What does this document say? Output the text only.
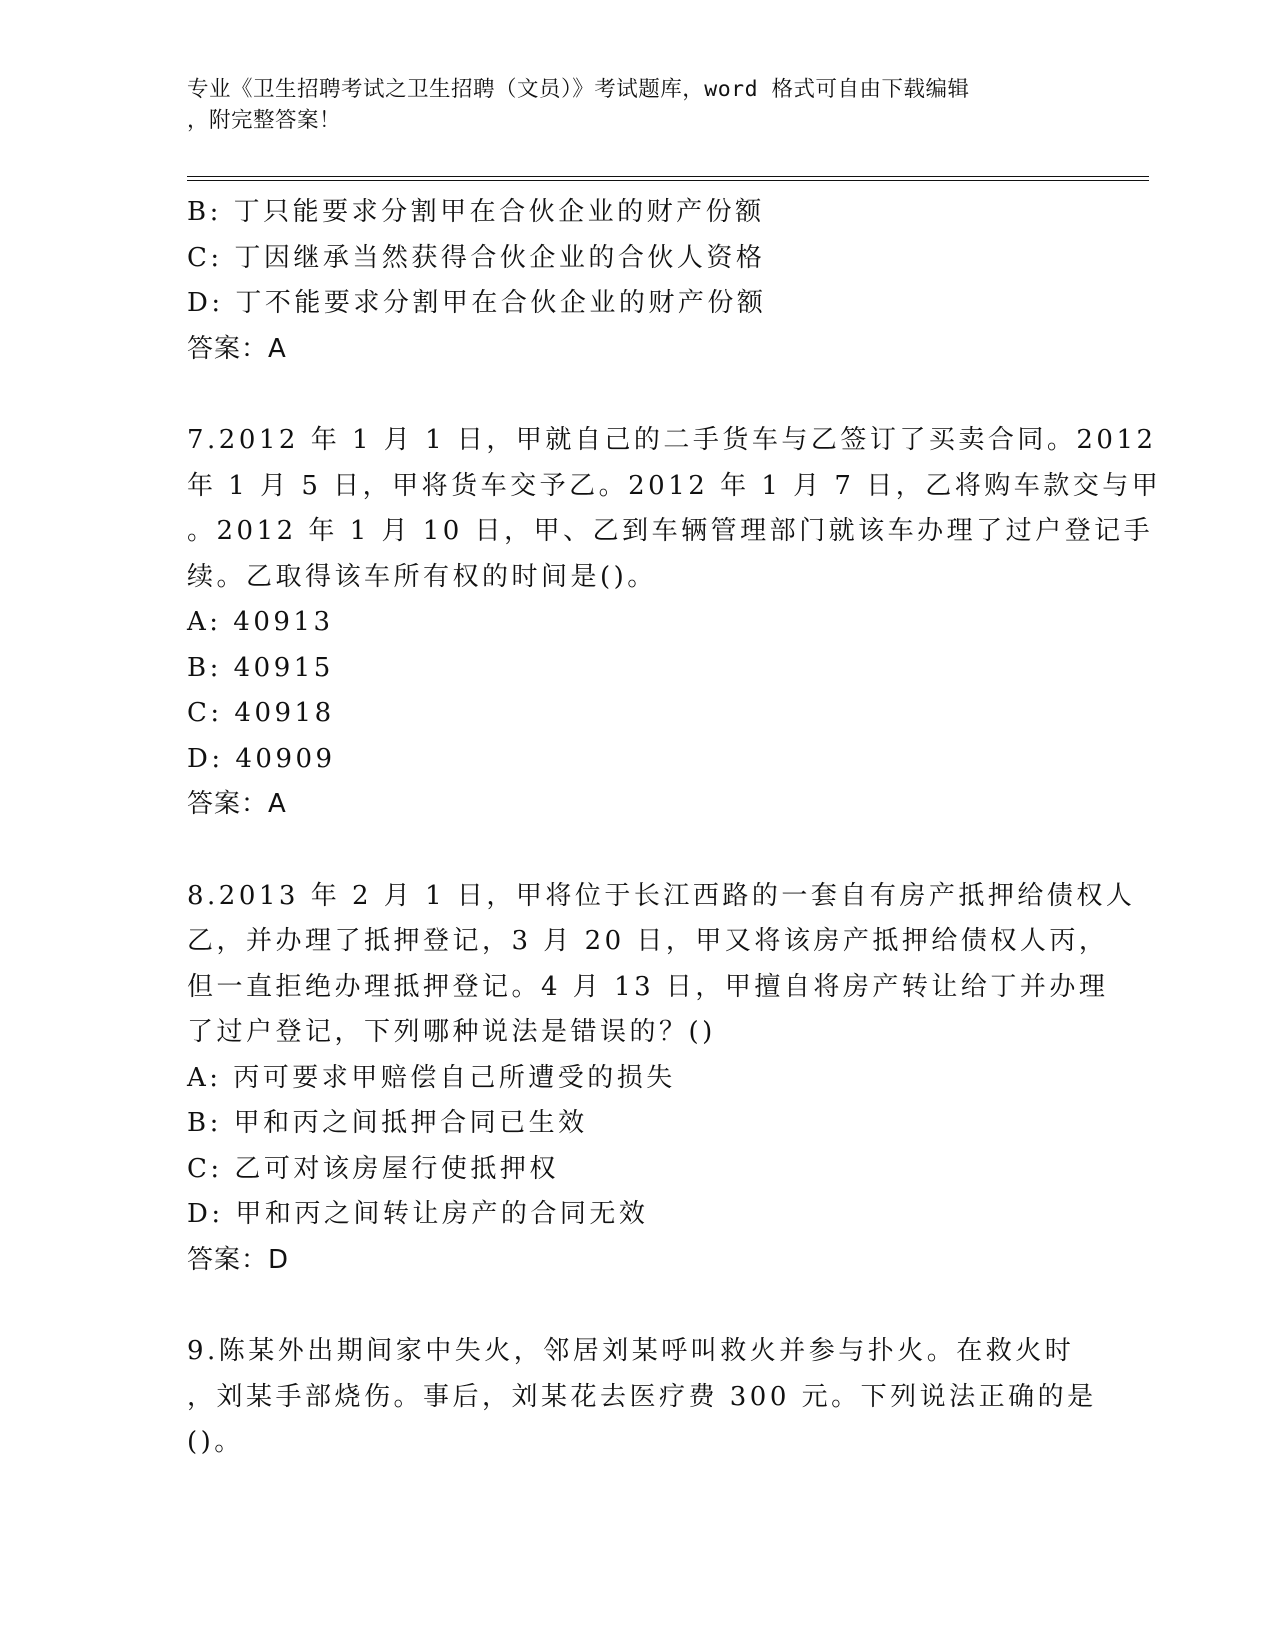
专业《卫生招聘考试之卫生招聘（文员）》考试题库，word 格式可自由下载编辑
，附完整答案！
B: 丁只能要求分割甲在合伙企业的财产份额
C: 丁因继承当然获得合伙企业的合伙人资格
D: 丁不能要求分割甲在合伙企业的财产份额
答案：A
7.2012 年 1 月 1 日，甲就自己的二手货车与乙签订了买卖合同。2012
年 1 月 5 日，甲将货车交予乙。2012 年 1 月 7 日，乙将购车款交与甲
。2012 年 1 月 10 日，甲、乙到车辆管理部门就该车办理了过户登记手
续。乙取得该车所有权的时间是()。
A: 40913
B: 40915
C: 40918
D: 40909
答案：A
8.2013 年 2 月 1 日，甲将位于长江西路的一套自有房产抵押给债权人
乙，并办理了抵押登记，3 月 20 日，甲又将该房产抵押给债权人丙，
但一直拒绝办理抵押登记。4 月 13 日，甲擅自将房产转让给丁并办理
了过户登记，下列哪种说法是错误的？()
A: 丙可要求甲赔偿自己所遭受的损失
B: 甲和丙之间抵押合同已生效
C: 乙可对该房屋行使抵押权
D: 甲和丙之间转让房产的合同无效
答案：D
9.陈某外出期间家中失火，邻居刘某呼叫救火并参与扑火。在救火时
，刘某手部烧伤。事后，刘某花去医疗费 300 元。下列说法正确的是
()。
